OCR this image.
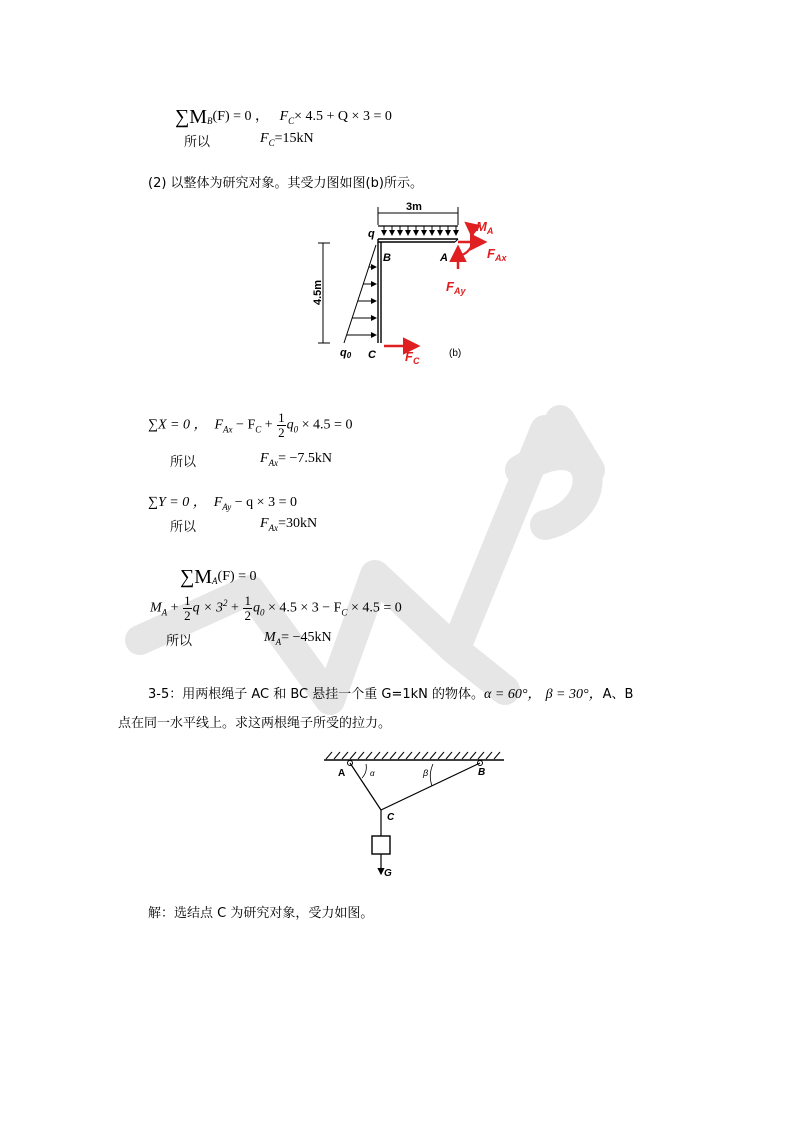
$\sum M_B(F) = 0$ ， $F_C\times 4.5 + Q \times 3 = 0$
所以	$F_C=15kN$
(2) 以整体为研究对象。其受力图如图(b)所示。
3m
q
4.5m
B	A
q0 C	(b)
$F_C$
$M_A$
$F_{Ax}$
$F_{Ay}$
∑X = 0 ， $F_{Ax} - F_C + \frac{1}{2} q_0 \times 4.5 = 0$
所以	$F_{Ax}= -7.5kN$
∑Y = 0 ， $F_{Ay} - q \times 3 = 0$
所以	$F_{Ax}=30kN$
$\sum M_A(F) = 0$
$M_A + \frac{1}{2}$ $q \times 3^2 + \frac{1}{2} q_0 \times 4.5 \times 3 - F_C \times 4.5 = 0$
所以	$M_A= -45kN$
3-5：用两根绳子 AC 和 BC 悬挂一个重 G=1kN 的物体。α = 60°， β = 30°，A、B
点在同一水平线上。求这两根绳子所受的拉力。
A	B
C
G
α	β
解：选结点 C 为研究对象，受力如图。
